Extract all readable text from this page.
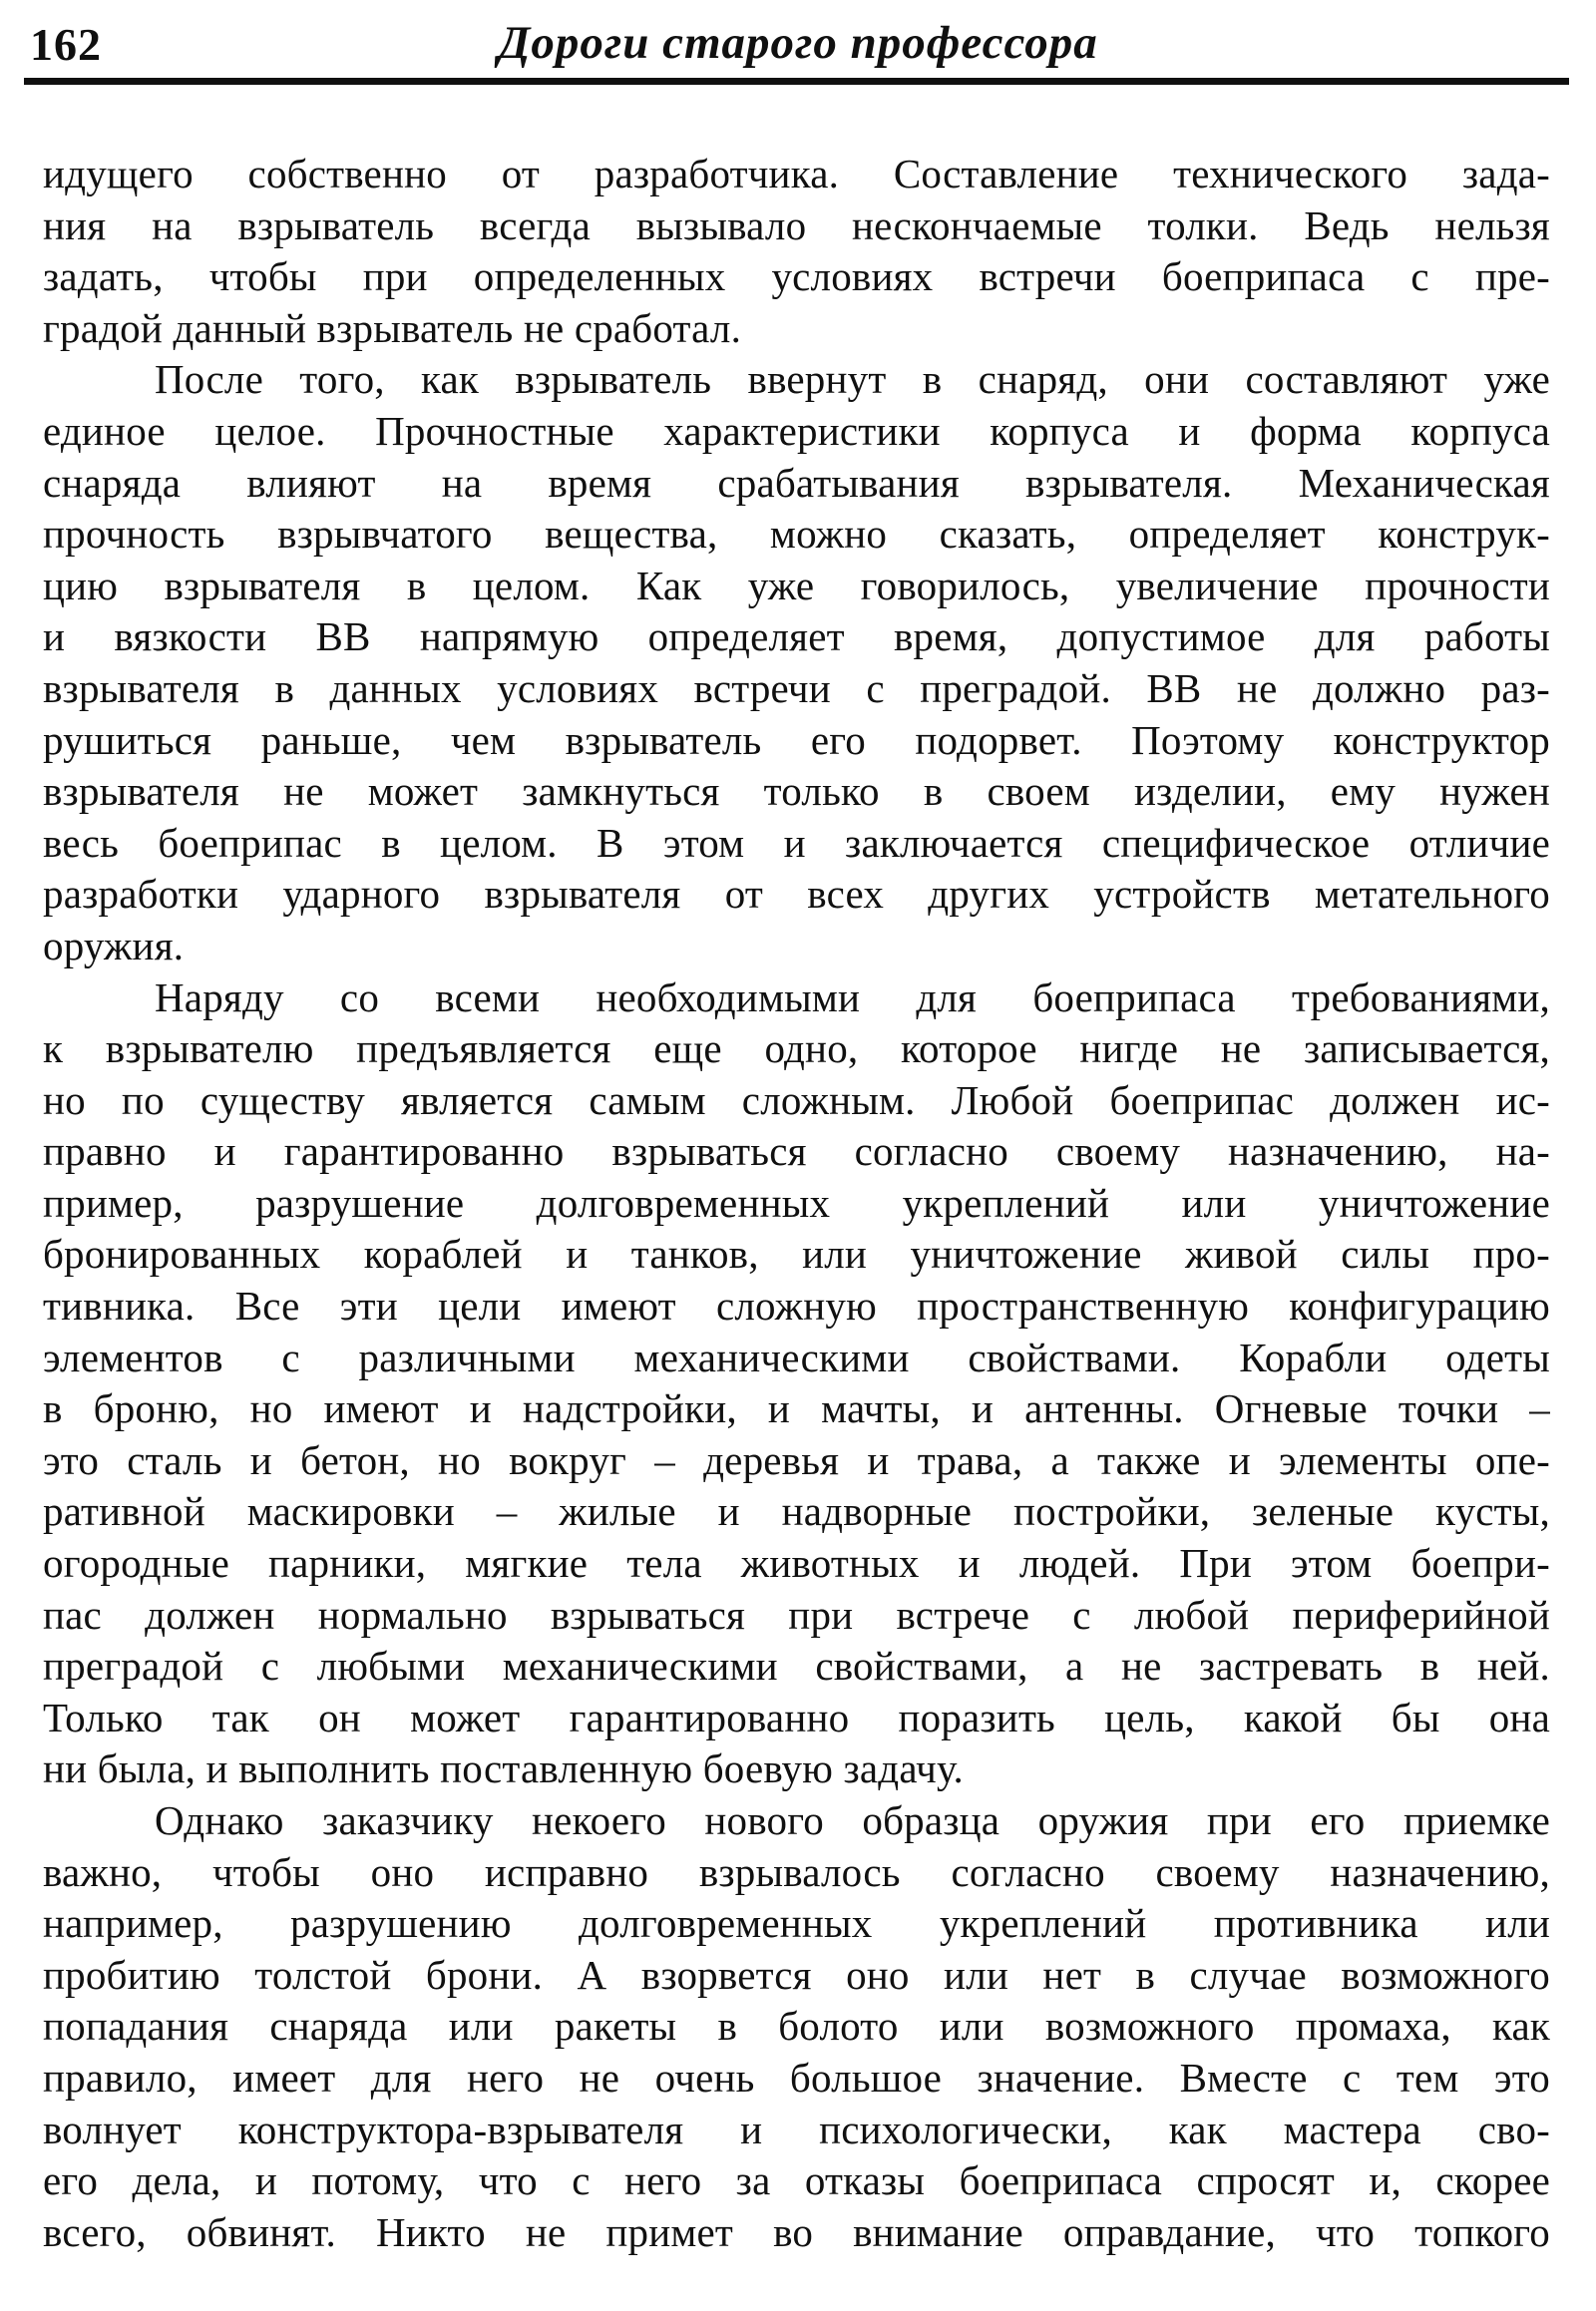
162	Дороги старого профессора
идущего собственно от разработчика. Составление технического зада-
ния на взрыватель всегда вызывало нескончаемые толки. Ведь нельзя
задать, чтобы при определенных условиях встречи боеприпаса с пре-
градой данный взрыватель не сработал.
После того, как взрыватель ввернут в снаряд, они составляют уже
единое целое. Прочностные характеристики корпуса и форма корпуса
снаряда влияют на время срабатывания взрывателя. Механическая
прочность взрывчатого вещества, можно сказать, определяет конструк-
цию взрывателя в целом. Как уже говорилось, увеличение прочности
и вязкости ВВ напрямую определяет время, допустимое для работы
взрывателя в данных условиях встречи с преградой. ВВ не должно раз-
рушиться раньше, чем взрыватель его подорвет. Поэтому конструктор
взрывателя не может замкнуться только в своем изделии, ему нужен
весь боеприпас в целом. В этом и заключается специфическое отличие
разработки ударного взрывателя от всех других устройств метательного
оружия.
Наряду со всеми необходимыми для боеприпаса требованиями,
к взрывателю предъявляется еще одно, которое нигде не записывается,
но по существу является самым сложным. Любой боеприпас должен ис-
правно и гарантированно взрываться согласно своему назначению, на-
пример, разрушение долговременных укреплений или уничтожение
бронированных кораблей и танков, или уничтожение живой силы про-
тивника. Все эти цели имеют сложную пространственную конфигурацию
элементов с различными механическими свойствами. Корабли одеты
в броню, но имеют и надстройки, и мачты, и антенны. Огневые точки –
это сталь и бетон, но вокруг – деревья и трава, а также и элементы опе-
ративной маскировки – жилые и надворные постройки, зеленые кусты,
огородные парники, мягкие тела животных и людей. При этом боепри-
пас должен нормально взрываться при встрече с любой периферийной
преградой с любыми механическими свойствами, а не застревать в ней.
Только так он может гарантированно поразить цель, какой бы она
ни была, и выполнить поставленную боевую задачу.
Однако заказчику некоего нового образца оружия при его приемке
важно, чтобы оно исправно взрывалось согласно своему назначению,
например, разрушению долговременных укреплений противника или
пробитию толстой брони. А взорвется оно или нет в случае возможного
попадания снаряда или ракеты в болото или возможного промаха, как
правило, имеет для него не очень большое значение. Вместе с тем это
волнует конструктора-взрывателя и психологически, как мастера сво-
его дела, и потому, что с него за отказы боеприпаса спросят и, скорее
всего, обвинят. Никто не примет во внимание оправдание, что топкого
